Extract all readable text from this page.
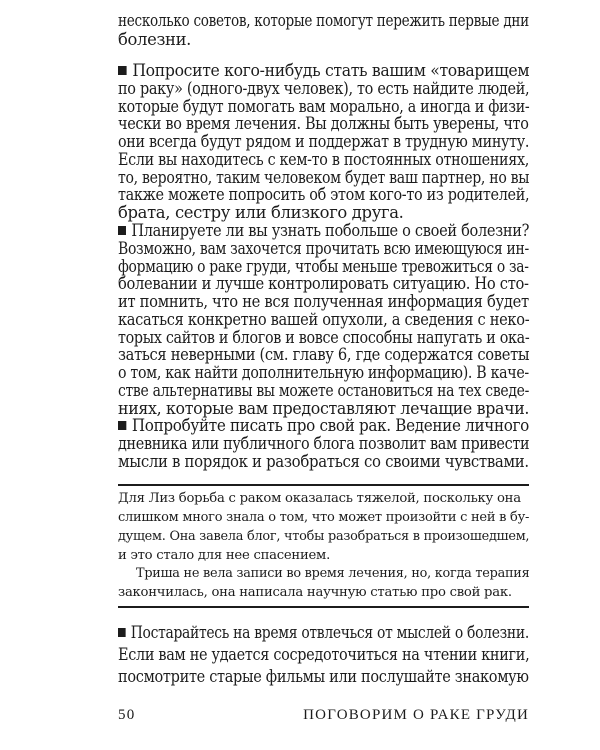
несколько советов, которые помогут пережить первые дни
болезни.
Попросите кого-нибудь стать вашим «товарищем
по раку» (одного-двух человек), то есть найдите людей,
которые будут помогать вам морально, а иногда и физи-
чески во время лечения. Вы должны быть уверены, что
они всегда будут рядом и поддержат в трудную минуту.
Если вы находитесь с кем-то в постоянных отношениях,
то, вероятно, таким человеком будет ваш партнер, но вы
также можете попросить об этом кого-то из родителей,
брата, сестру или близкого друга.
Планируете ли вы узнать побольше о своей болезни?
Возможно, вам захочется прочитать всю имеющуюся ин-
формацию о раке груди, чтобы меньше тревожиться о за-
болевании и лучше контролировать ситуацию. Но сто-
ит помнить, что не вся полученная информация будет
касаться конкретно вашей опухоли, а сведения с неко-
торых сайтов и блогов и вовсе способны напугать и ока-
заться неверными (см. главу 6, где содержатся советы
о том, как найти дополнительную информацию). В каче-
стве альтернативы вы можете остановиться на тех сведе-
ниях, которые вам предоставляют лечащие врачи.
Попробуйте писать про свой рак. Ведение личного
дневника или публичного блога позволит вам привести
мысли в порядок и разобраться со своими чувствами.
Для Лиз борьба с раком оказалась тяжелой, поскольку она
слишком много знала о том, что может произойти с ней в бу-
дущем. Она завела блог, чтобы разобраться в произошедшем,
и это стало для нее спасением.
Триша не вела записи во время лечения, но, когда терапия
закончилась, она написала научную статью про свой рак.
50	ПОГОВОРИМ О РАКЕ ГРУДИ
Постарайтесь на время отвлечься от мыслей о болезни.
Если вам не удается сосредоточиться на чтении книги,
посмотрите старые фильмы или послушайте знакомую
